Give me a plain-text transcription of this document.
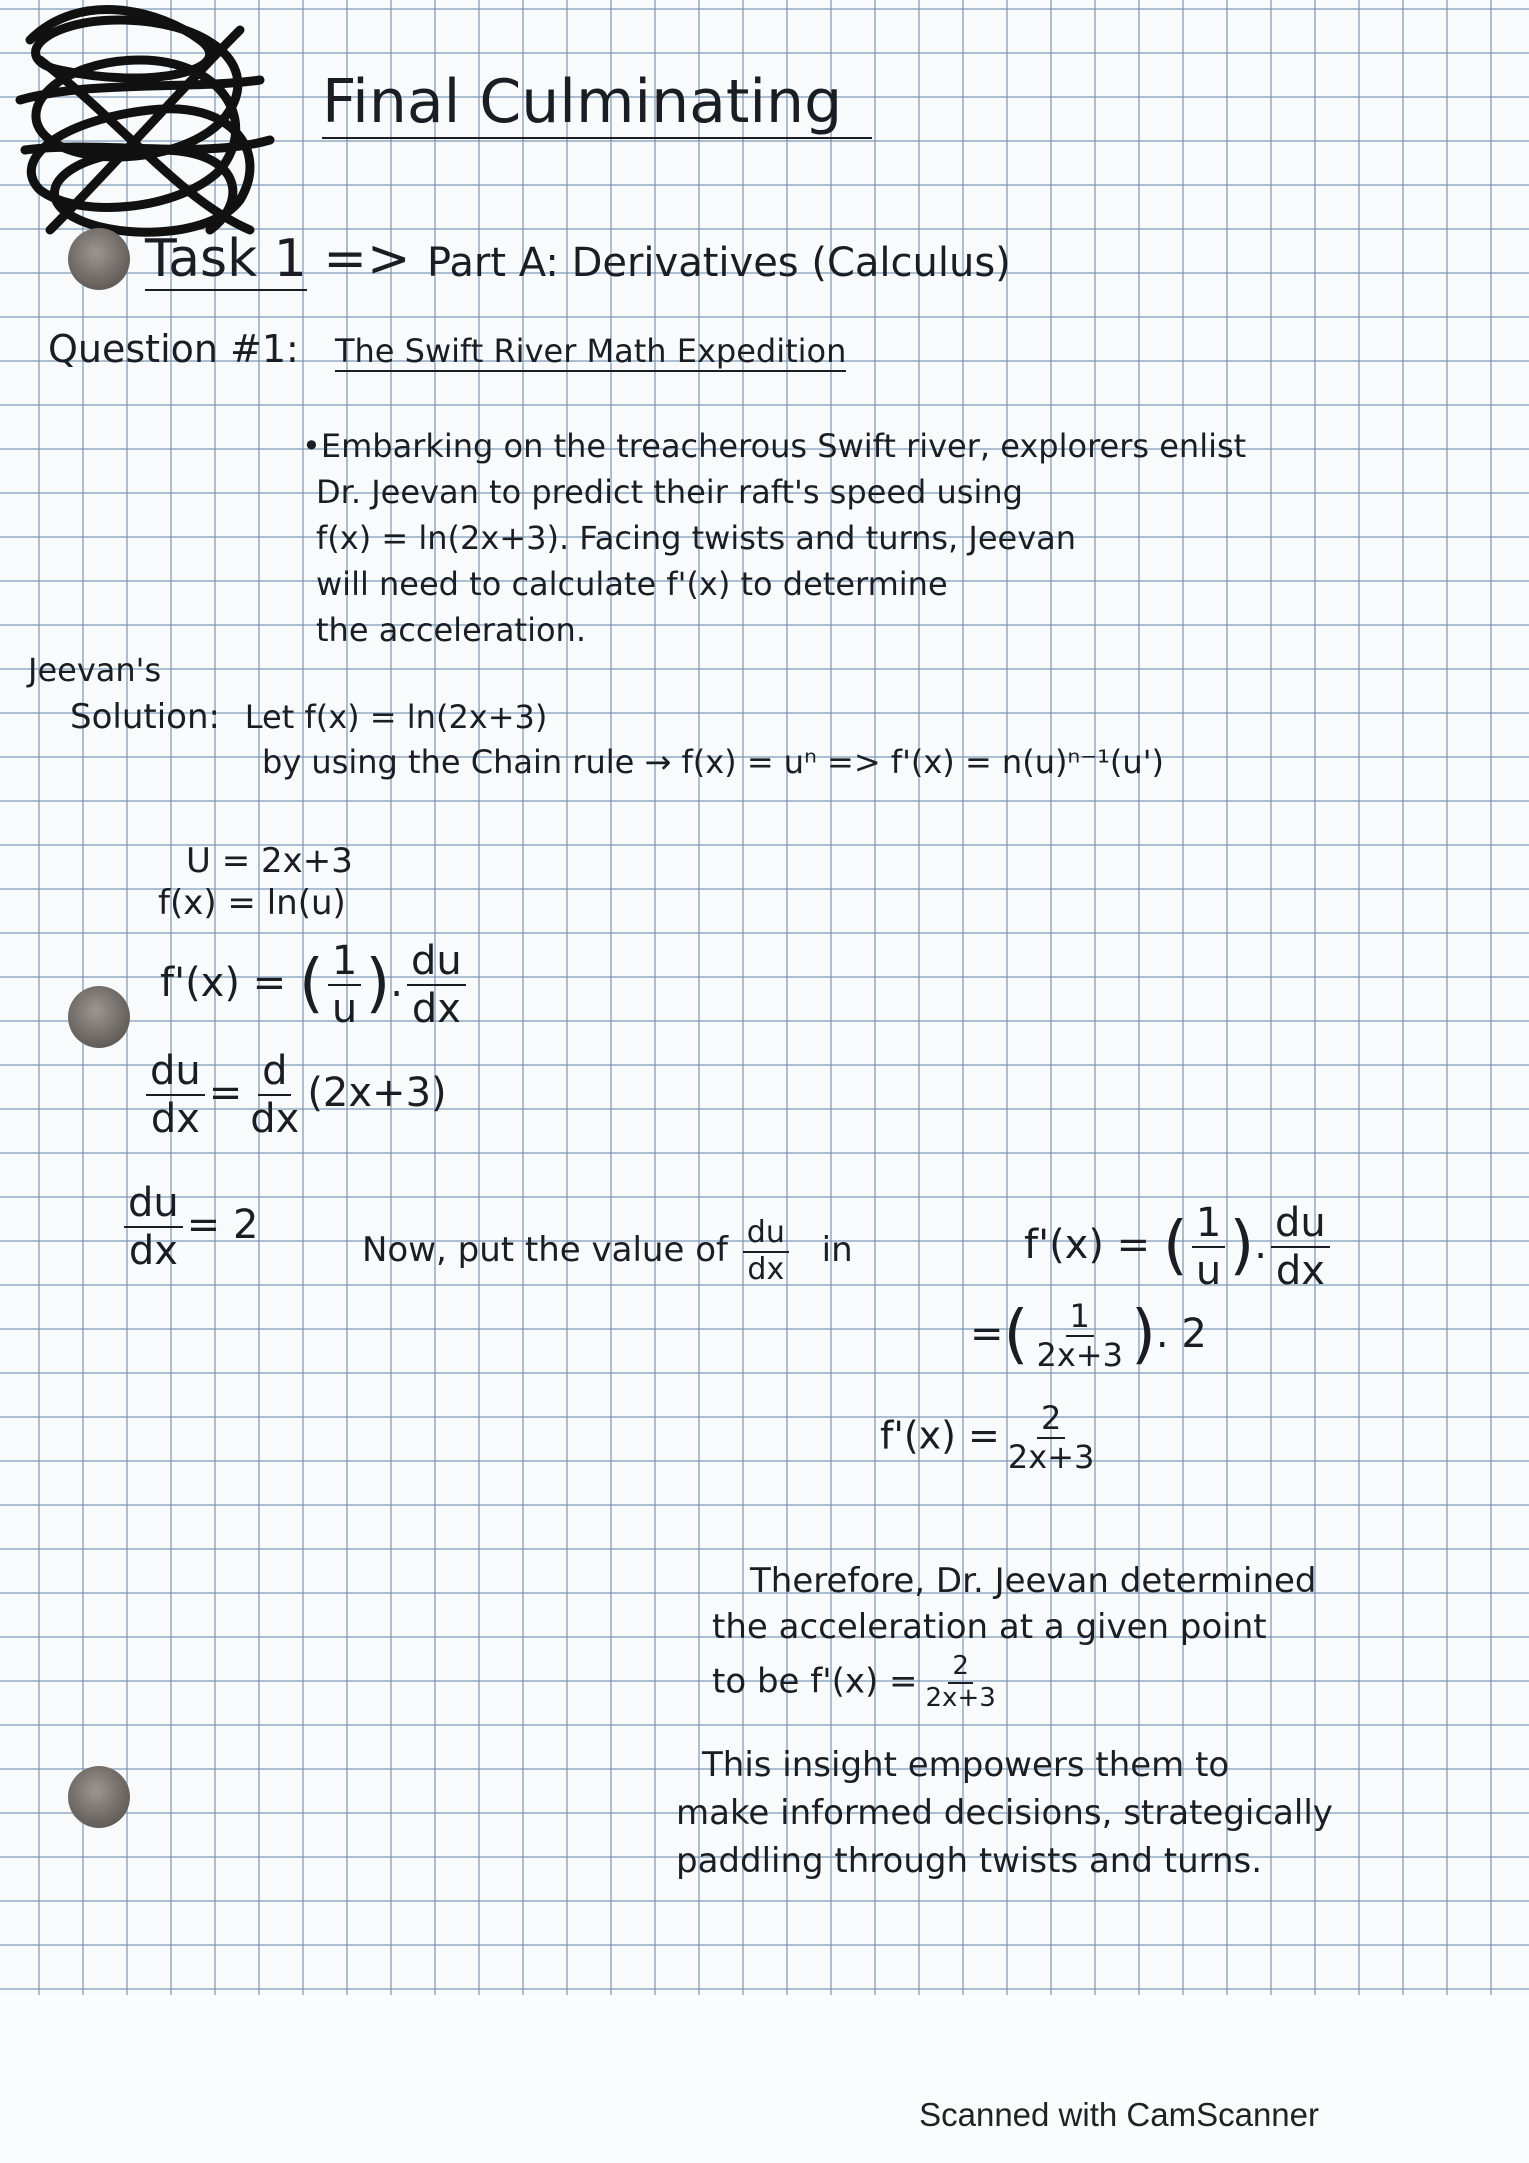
Final Culminating
Task 1 => Part A: Derivatives (Calculus)
Question #1: The Swift River Math Expedition
•Embarking on the treacherous Swift river, explorers enlist
Dr. Jeevan to predict their raft's speed using
f(x) = ln(2x+3). Facing twists and turns, Jeevan
will need to calculate f'(x) to determine
the acceleration.
Jeevan's
Solution: Let f(x) = ln(2x+3)
by using the Chain rule → f(x) = uⁿ => f'(x) = n(u)ⁿ⁻¹(u')
U = 2x+3
f(x) = ln(u)
f'(x) = ( $\frac{1}{u}$ ). $\frac{du}{dx}$
$\frac{du}{dx} = \frac{d}{dx} (2x+3)$
$\frac{du}{dx} = 2$
Now, put the value of $\frac{du}{dx}$ in	f'(x) = ( $\frac{1}{u}$ ). $\frac{du}{dx}$
=( $\frac{1}{2x+3}$ ). 2
$f'(x) = \frac{2}{2x+3}$
Therefore, Dr. Jeevan determined
the acceleration at a given point
to be $f'(x) = \frac{2}{2x+3}$
This insight empowers them to
make informed decisions, strategically
paddling through twists and turns.
Scanned with CamScanner
